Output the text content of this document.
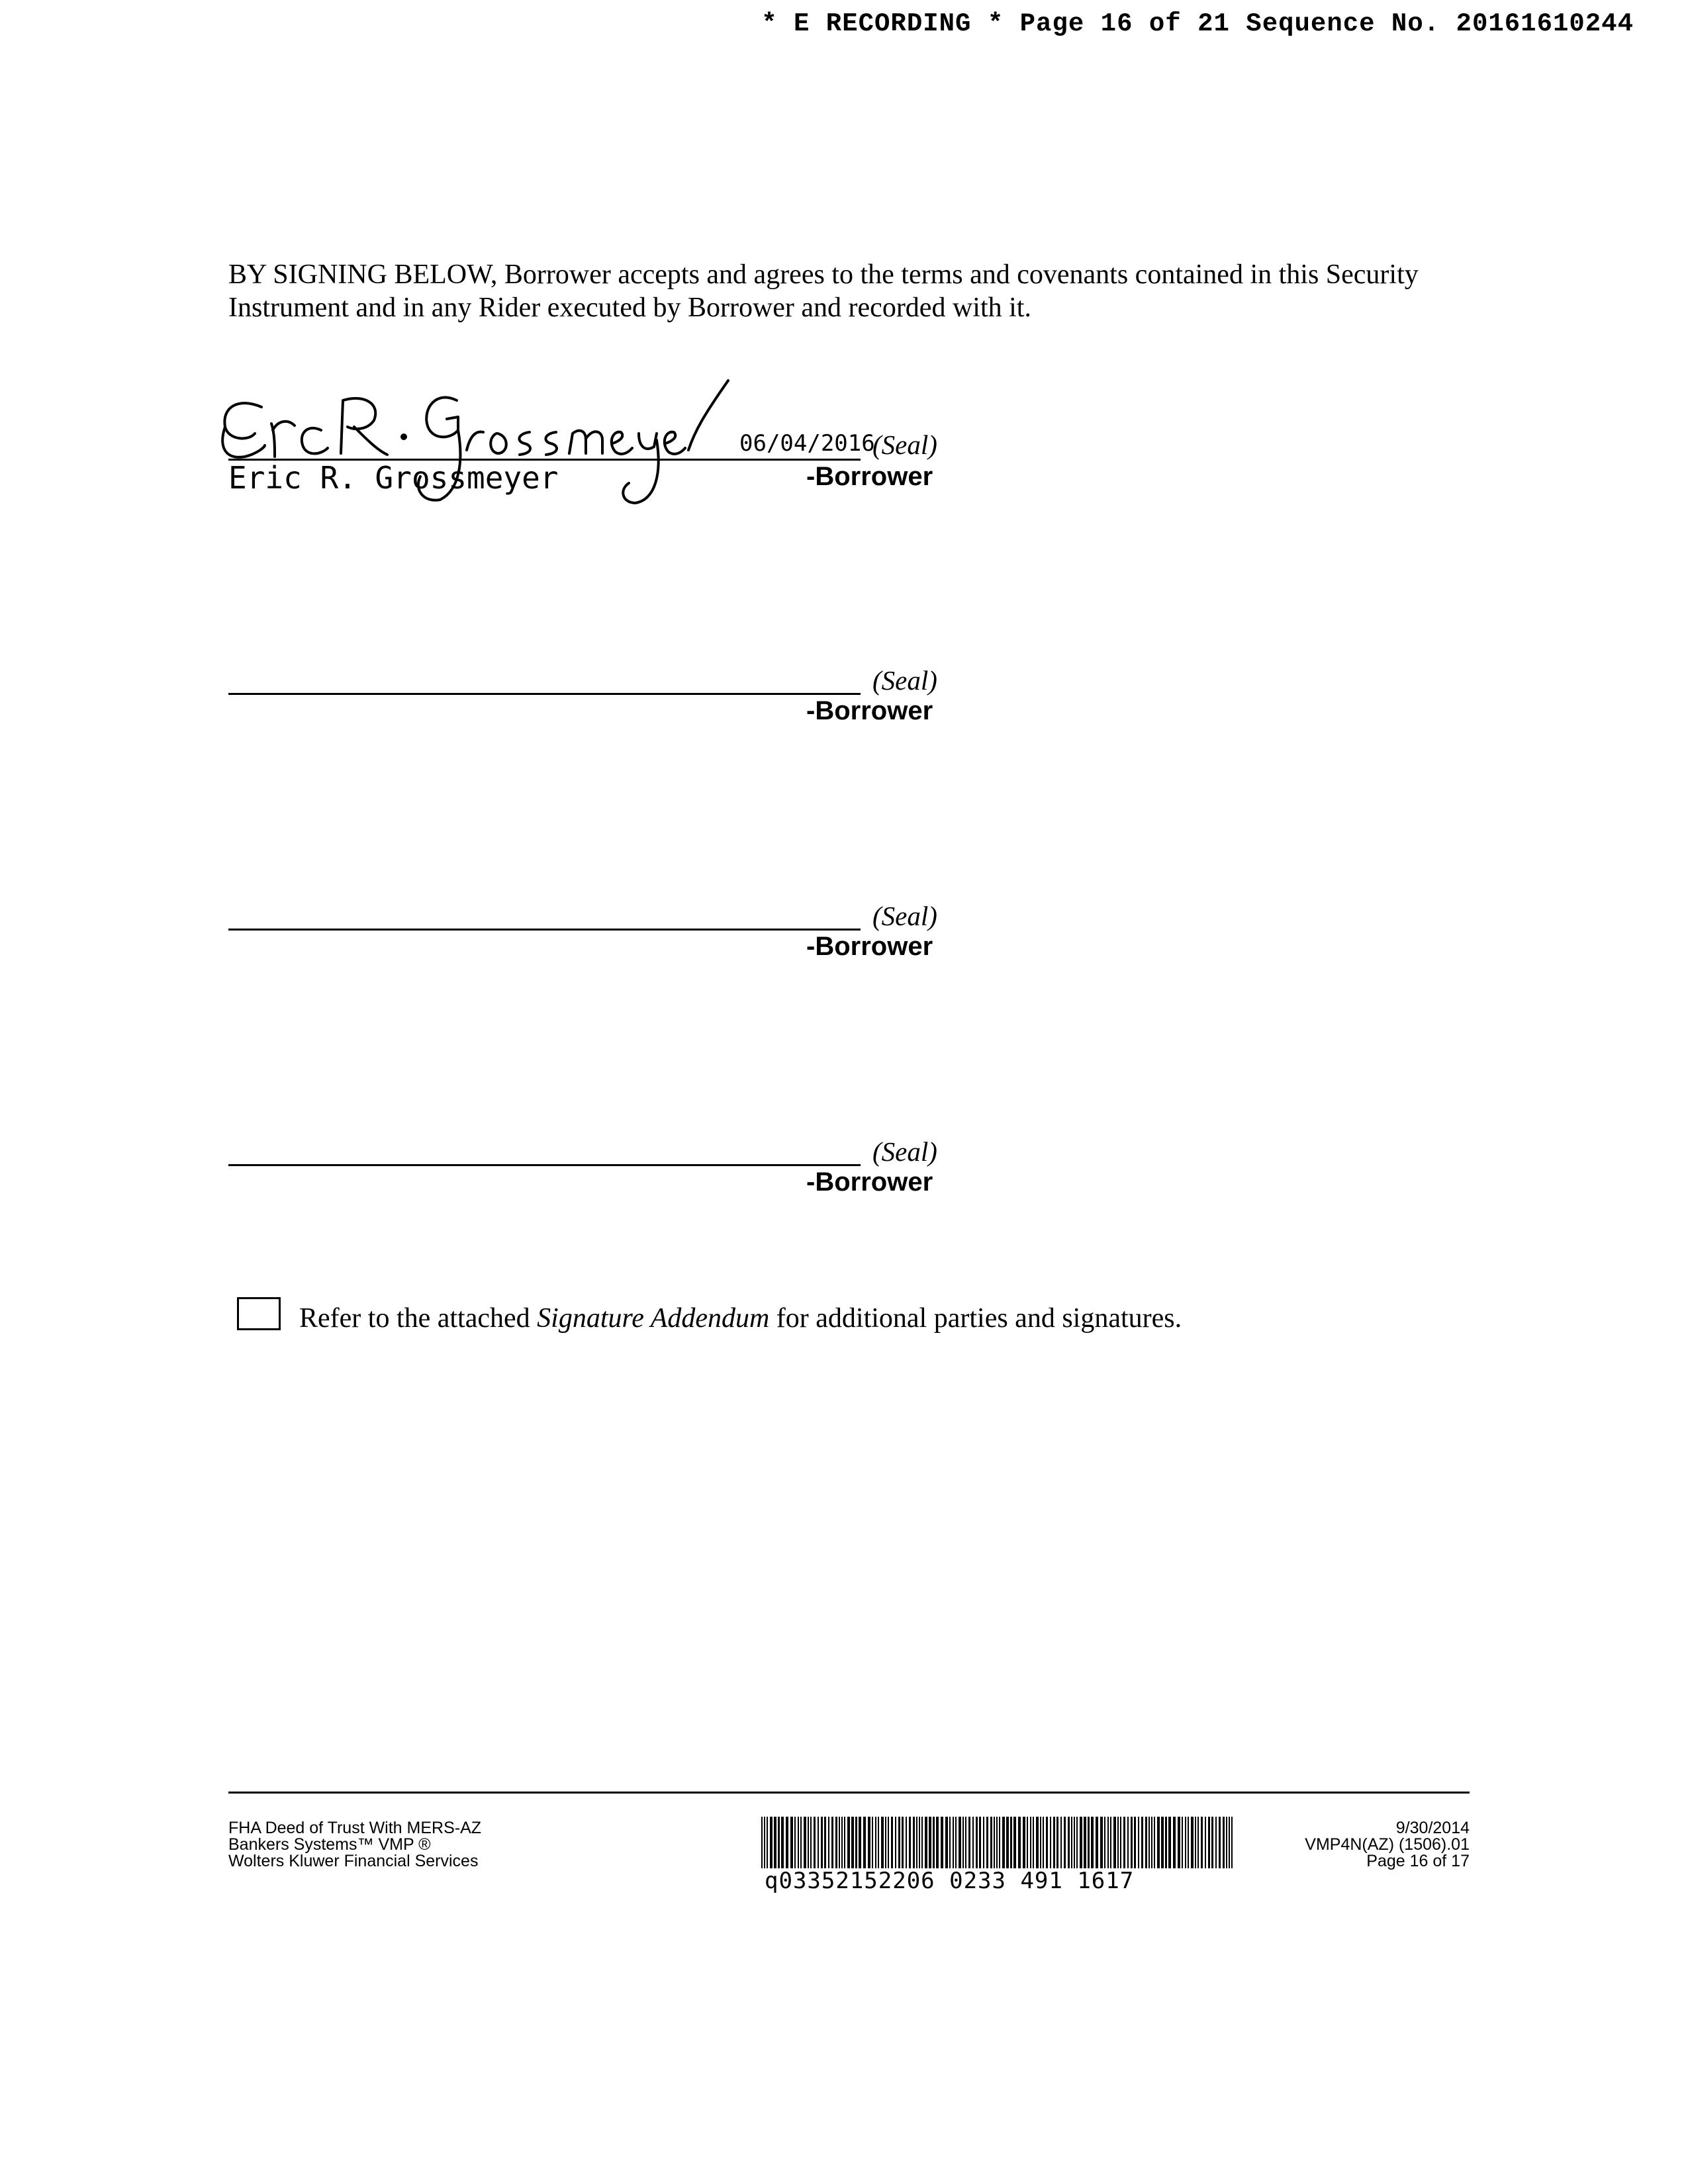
* E RECORDING * Page 16 of 21 Sequence No. 20161610244
BY SIGNING BELOW, Borrower accepts and agrees to the terms and covenants contained in this Security Instrument and in any Rider executed by Borrower and recorded with it.
Eric R. Grossmeyer
06/04/2016
(Seal)
-Borrower
(Seal)
-Borrower
(Seal)
-Borrower
(Seal)
-Borrower
Refer to the attached Signature Addendum for additional parties and signatures.
FHA Deed of Trust With MERS-AZ
Bankers Systems™ VMP ®
Wolters Kluwer Financial Services
q03352152206 0233 491 1617
9/30/2014
VMP4N(AZ) (1506).01
Page 16 of 17
